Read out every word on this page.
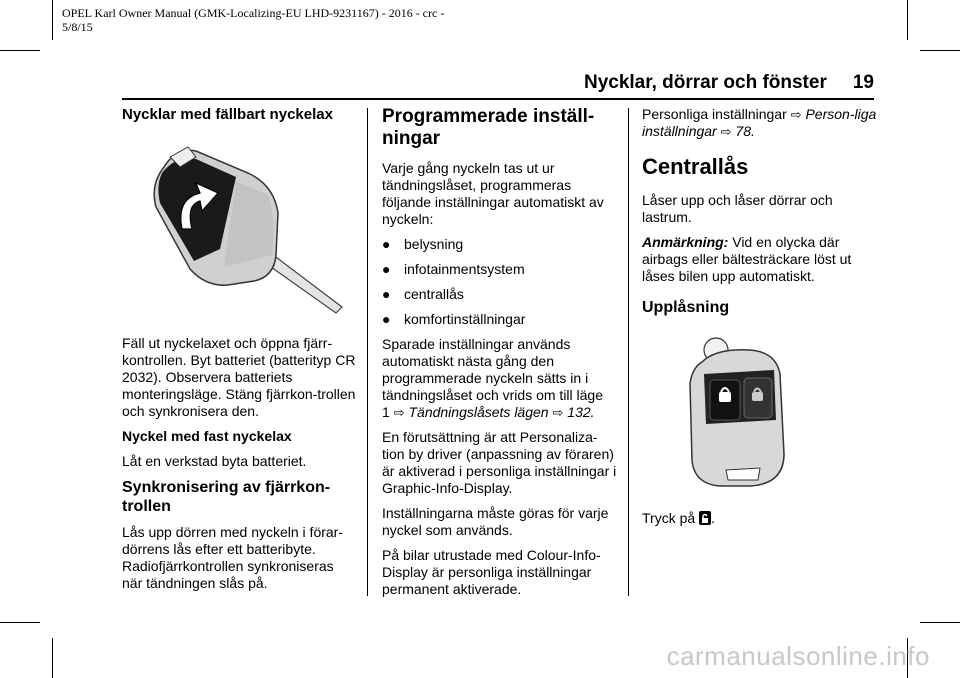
OPEL Karl Owner Manual (GMK-Localizing-EU LHD-9231167) - 2016 - crc -
5/8/15
Nycklar, dörrar och fönster 19
Nycklar med fällbart nyckelax

Fäll ut nyckelaxet och öppna fjärr-kontrollen. Byt batteriet (batterityp CR 2032). Observera batteriets monteringsläge. Stäng fjärrkon-trollen och synkronisera den.

Nyckel med fast nyckelax

Låt en verkstad byta batteriet.

Synkronisering av fjärrkon-trollen

Lås upp dörren med nyckeln i förar-dörrens lås efter ett batteribyte. Radiofjärrkontrollen synkroniseras när tändningen slås på.

Programmerade inställ-ningar

Varje gång nyckeln tas ut ur tändningslåset, programmeras följande inställningar automatiskt av nyckeln:

● belysning
● infotainmentsystem
● centrallås
● komfortinställningar

Sparade inställningar används automatiskt nästa gång den programmerade nyckeln sätts in i tändningslåset och vrids om till läge
1 ⇨ Tändningslåsets lägen ⇨ 132.

En förutsättning är att Personaliza-tion by driver (anpassning av föraren) är aktiverad i personliga inställningar i Graphic-Info-Display.

Inställningarna måste göras för varje nyckel som används.

På bilar utrustade med Colour-Info-Display är personliga inställningar permanent aktiverade.

Personliga inställningar ⇨ Person-liga inställningar ⇨ 78.

Centrallås

Låser upp och låser dörrar och lastrum.

Anmärkning: Vid en olycka där airbags eller bältesträckare löst ut låses bilen upp automatiskt.

Upplåsning

Tryck på .

carmanualsonline.info
